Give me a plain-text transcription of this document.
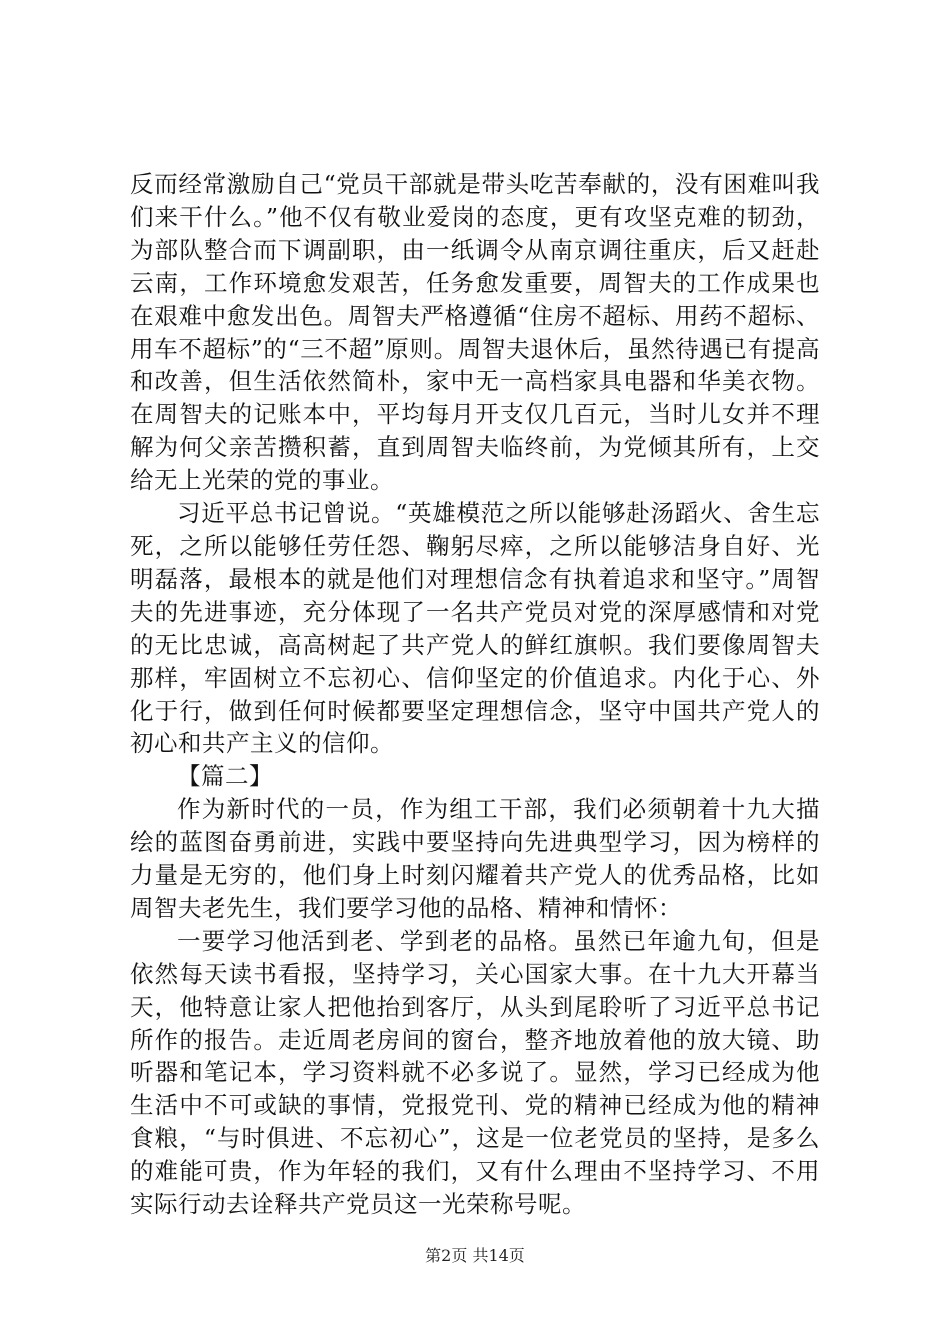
反而经常激励自己“党员干部就是带头吃苦奉献的，没有困难叫我们来干什么。”他不仅有敬业爱岗的态度，更有攻坚克难的韧劲，为部队整合而下调副职，由一纸调令从南京调往重庆，后又赶赴云南，工作环境愈发艰苦，任务愈发重要，周智夫的工作成果也在艰难中愈发出色。周智夫严格遵循“住房不超标、用药不超标、用车不超标”的“三不超”原则。周智夫退休后，虽然待遇已有提高和改善，但生活依然简朴，家中无一高档家具电器和华美衣物。在周智夫的记账本中，平均每月开支仅几百元，当时儿女并不理解为何父亲苦攒积蓄，直到周智夫临终前，为党倾其所有，上交给无上光荣的党的事业。

习近平总书记曾说。“英雄模范之所以能够赴汤蹈火、舍生忘死，之所以能够任劳任怨、鞠躬尽瘁，之所以能够洁身自好、光明磊落，最根本的就是他们对理想信念有执着追求和坚守。”周智夫的先进事迹，充分体现了一名共产党员对党的深厚感情和对党的无比忠诚，高高树起了共产党人的鲜红旗帜。我们要像周智夫那样，牢固树立不忘初心、信仰坚定的价值追求。内化于心、外化于行，做到任何时候都要坚定理想信念，坚守中国共产党人的初心和共产主义的信仰。

【篇二】

作为新时代的一员，作为组工干部，我们必须朝着十九大描绘的蓝图奋勇前进，实践中要坚持向先进典型学习，因为榜样的力量是无穷的，他们身上时刻闪耀着共产党人的优秀品格，比如周智夫老先生，我们要学习他的品格、精神和情怀：

一要学习他活到老、学到老的品格。虽然已年逾九旬，但是依然每天读书看报，坚持学习，关心国家大事。在十九大开幕当天，他特意让家人把他抬到客厅，从头到尾聆听了习近平总书记所作的报告。走近周老房间的窗台，整齐地放着他的放大镜、助听器和笔记本，学习资料就不必多说了。显然，学习已经成为他生活中不可或缺的事情，党报党刊、党的精神已经成为他的精神食粮，“与时俱进、不忘初心”，这是一位老党员的坚持，是多么的难能可贵，作为年轻的我们，又有什么理由不坚持学习、不用实际行动去诠释共产党员这一光荣称号呢。

第2页 共14页
